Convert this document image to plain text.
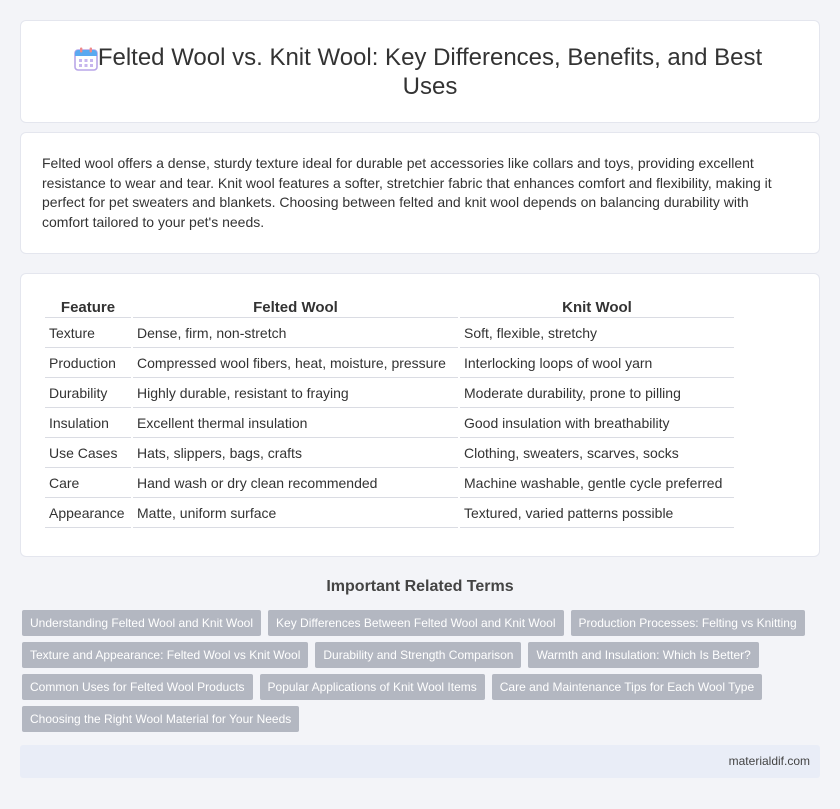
Felted Wool vs. Knit Wool: Key Differences, Benefits, and Best Uses

Felted wool offers a dense, sturdy texture ideal for durable pet accessories like collars and toys, providing excellent resistance to wear and tear. Knit wool features a softer, stretchier fabric that enhances comfort and flexibility, making it perfect for pet sweaters and blankets. Choosing between felted and knit wool depends on balancing durability with comfort tailored to your pet's needs.

Feature	Felted Wool	Knit Wool
Texture	Dense, firm, non-stretch	Soft, flexible, stretchy
Production	Compressed wool fibers, heat, moisture, pressure	Interlocking loops of wool yarn
Durability	Highly durable, resistant to fraying	Moderate durability, prone to pilling
Insulation	Excellent thermal insulation	Good insulation with breathability
Use Cases	Hats, slippers, bags, crafts	Clothing, sweaters, scarves, socks
Care	Hand wash or dry clean recommended	Machine washable, gentle cycle preferred
Appearance	Matte, uniform surface	Textured, varied patterns possible
Important Related Terms
Understanding Felted Wool and Knit Wool	Key Differences Between Felted Wool and Knit Wool	Production Processes: Felting vs Knitting
Texture and Appearance: Felted Wool vs Knit Wool	Durability and Strength Comparison	Warmth and Insulation: Which Is Better?
Common Uses for Felted Wool Products	Popular Applications of Knit Wool Items	Care and Maintenance Tips for Each Wool Type
Choosing the Right Wool Material for Your Needs
materialdif.com
